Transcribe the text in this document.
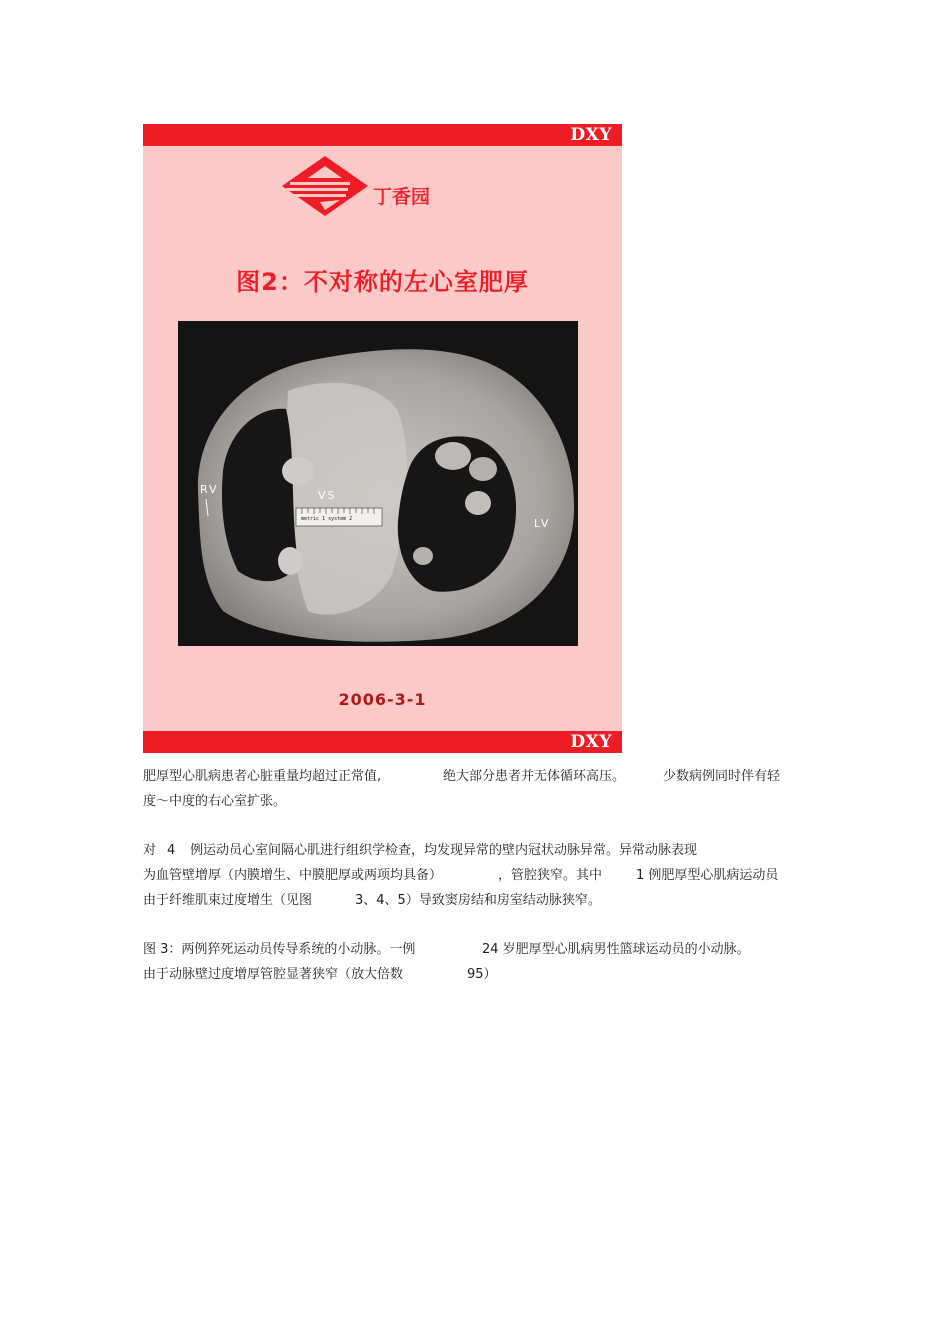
DXY
丁香园
图2：不对称的左心室肥厚
RV	VS
LV
metric 1 system 2
2006-3-1
DXY
肥厚型心肌病患者心脏重量均超过正常值,	绝大部分患者并无体循环高压。	少数病例同时伴有轻
度～中度的右心室扩张。
对 4 例运动员心室间隔心肌进行组织学检查，均发现异常的壁内冠状动脉异常。异常动脉表现
为血管壁增厚（内膜增生、中膜肥厚或两项均具备）	，管腔狭窄。其中	1 例肥厚型心肌病运动员
由于纤维肌束过度增生（见图	3、4、5）导致窦房结和房室结动脉狭窄。
图 3：两例猝死运动员传导系统的小动脉。一例	24 岁肥厚型心肌病男性篮球运动员的小动脉。
由于动脉壁过度增厚管腔显著狭窄（放大倍数	95）
